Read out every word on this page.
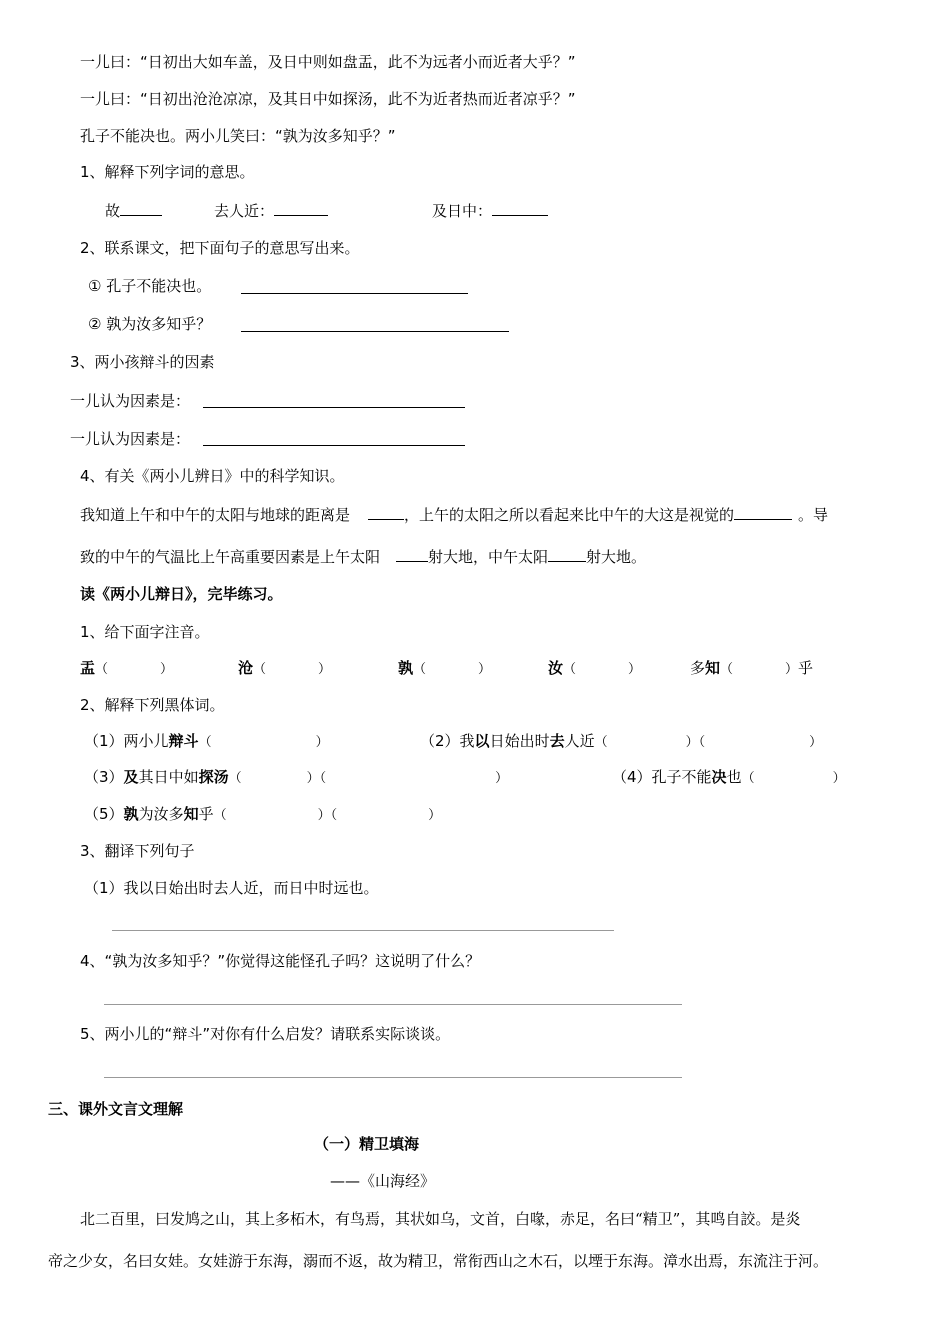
一儿曰：“日初出大如车盖，及日中则如盘盂，此不为远者小而近者大乎？”
一儿曰：“日初出沧沧凉凉，及其日中如探汤，此不为近者热而近者凉乎？”
孔子不能决也。两小儿笑曰：“孰为汝多知乎？”
1、解释下列字词的意思。
故	去人近：	及日中：
2、联系课文，把下面句子的意思写出来。
① 孔子不能决也。
② 孰为汝多知乎？
3、两小孩辩斗的因素
一儿认为因素是：
一儿认为因素是：
4、有关《两小儿辨日》中的科学知识。
我知道上午和中午的太阳与地球的距离是	，上午的太阳之所以看起来比中午的大这是视觉的	。导
致的中午的气温比上午高重要因素是上午太阳	射大地，中午太阳	射大地。
读《两小儿辩日》，完毕练习。
1、给下面字注音。
盂（　　　　）	沧（　　　　）	孰（　　　　）	汝（　　　　）	多知（　　　　）乎
2、解释下列黑体词。
（1）两小儿辩斗（　　　　　　　　）	（2）我以日始出时去人近（　　　　　　）（　　　　　　　　）
（3）及其日中如探汤（　　　　　）（　　　　　　　　　　　　　）	（4）孔子不能决也（　　　　　　）
（5）孰为汝多知乎（　　　　　　　）（　　　　　　　）
3、翻译下列句子
（1）我以日始出时去人近，而日中时远也。
4、“孰为汝多知乎？”你觉得这能怪孔子吗？这说明了什么？
5、两小儿的“辩斗”对你有什么启发？请联系实际谈谈。
三、课外文言文理解
（一）精卫填海
——《山海经》
北二百里，曰发鸠之山，其上多柘木，有鸟焉，其状如乌，文首，白喙，赤足，名曰“精卫”，其鸣自詨。是炎
帝之少女，名曰女娃。女娃游于东海，溺而不返，故为精卫，常衔西山之木石，以堙于东海。漳水出焉，东流注于河。
